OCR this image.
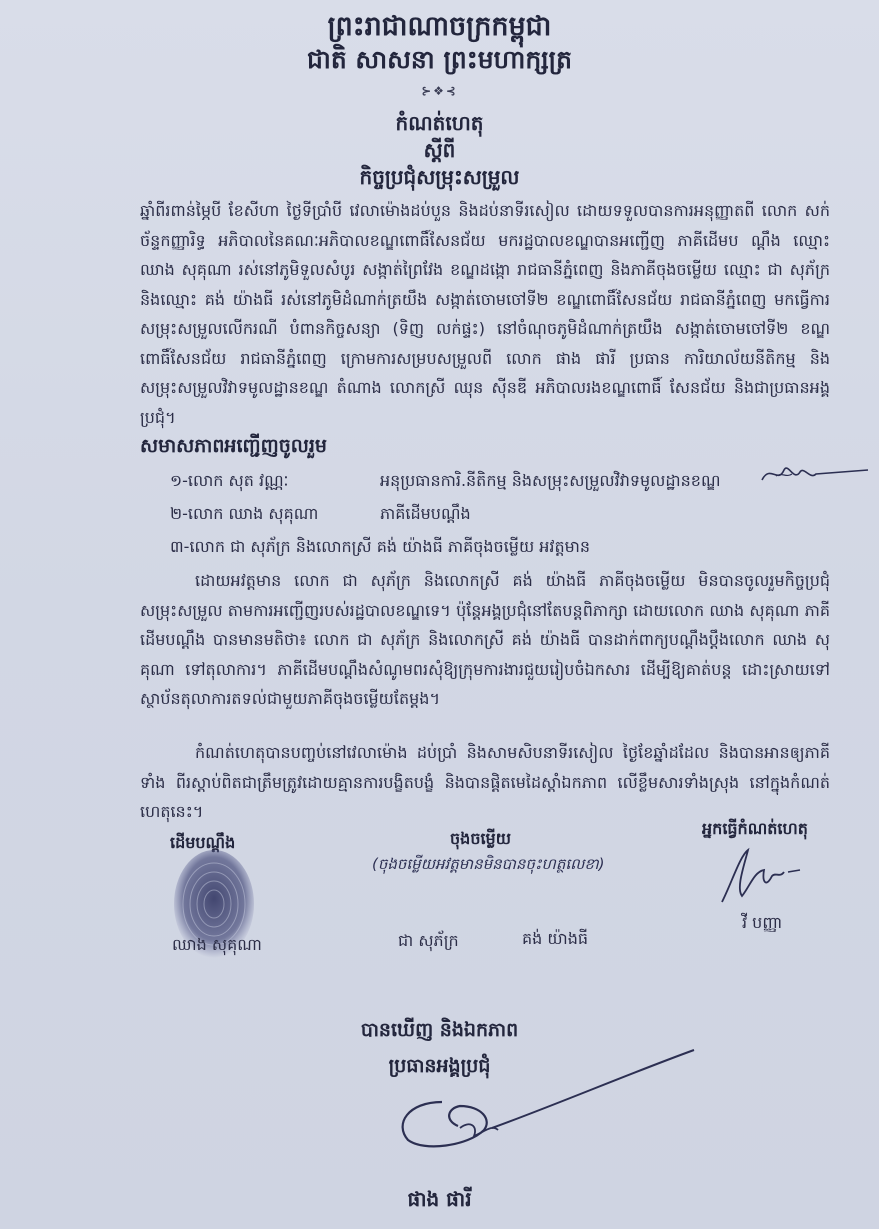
ព្រះរាជាណាចក្រកម្ពុជា
ជាតិ សាសនា ព្រះមហាក្សត្រ
⊱❖⊰
កំណត់ហេតុ
ស្ដីពី
កិច្ចប្រជុំសម្រុះសម្រួល
ឆ្នាំពីរពាន់ម្ភៃបី ខែសីហា ថ្ងៃទីប្រាំបី វេលាម៉ោងដប់បួន និងដប់នាទីរសៀល ដោយទទួលបានការអនុញ្ញាតពី លោក សក់ ច័ន្ទកញ្ញារិទ្ធ អភិបាលនៃគណៈអភិបាលខណ្ឌពោធិ៍សែនជ័យ មករដ្ឋបាលខណ្ឌបានអញ្ជើញ ភាគីដើមប ណ្ដឹង ឈ្មោះ ឈាង សុគុណា រស់នៅភូមិទួលសំបូរ សង្កាត់ព្រៃវែង ខណ្ឌដង្កោ រាជធានីភ្នំពេញ និងភាគីចុងចម្លើយ ឈ្មោះ ជា សុភ័ក្រ និងឈ្មោះ គង់ យ៉ាងធី រស់នៅភូមិដំណាក់ត្រយឹង សង្កាត់ចោមចៅទី២ ខណ្ឌពោធិ៍សែនជ័យ រាជធានីភ្នំពេញ មកធ្វើការសម្រុះសម្រួលលើករណី បំពានកិច្ចសន្យា (ទិញ លក់ផ្ទះ) នៅចំណុចភូមិដំណាក់ត្រយឹង សង្កាត់ចោមចៅទី២ ខណ្ឌពោធិ៍សែនជ័យ រាជធានីភ្នំពេញ ក្រោមការសម្របសម្រួលពី លោក ផាង ផារី ប្រធាន ការិយាល័យនីតិកម្ម និងសម្រុះសម្រួលវិវាទមូលដ្ឋានខណ្ឌ តំណាង លោកស្រី ឈុន ស៊ីនឌី អភិបាលរងខណ្ឌពោធិ៍ សែនជ័យ និងជាប្រធានអង្គប្រជុំ។
សមាសភាពអញ្ជើញចូលរួម
១-លោក សុត វណ្ណៈ	អនុប្រធានការិ.នីតិកម្ម និងសម្រុះសម្រួលវិវាទមូលដ្ឋានខណ្ឌ
២-លោក ឈាង សុគុណា	ភាគីដើមបណ្ដឹង
៣-លោក ជា សុភ័ក្រ និងលោកស្រី គង់ យ៉ាងធី ភាគីចុងចម្លើយ អវត្តមាន
ដោយអវត្តមាន លោក ជា សុភ័ក្រ និងលោកស្រី គង់ យ៉ាងធី ភាគីចុងចម្លើយ មិនបានចូលរួមកិច្ចប្រជុំ សម្រុះសម្រួល តាមការអញ្ជើញរបស់រដ្ឋបាលខណ្ឌទេ។ ប៉ុន្តែអង្គប្រជុំនៅតែបន្តពិភាក្សា ដោយលោក ឈាង សុគុណា ភាគីដើមបណ្ដឹង បានមានមតិថា៖ លោក ជា សុភ័ក្រ និងលោកស្រី គង់ យ៉ាងធី បានដាក់ពាក្យបណ្ដឹងប្ដឹងលោក ឈាង សុគុណា ទៅតុលាការ។ ភាគីដើមបណ្ដឹងសំណូមពរសុំឱ្យក្រុមការងារជួយរៀបចំឯកសារ ដើម្បីឱ្យគាត់បន្ត ដោះស្រាយទៅស្ថាប័នតុលាការតទល់ជាមួយភាគីចុងចម្លើយតែម្ដង។
កំណត់ហេតុបានបញ្ចប់នៅវេលាម៉ោង ដប់ប្រាំ និងសាមសិបនាទីរសៀល ថ្ងៃខែឆ្នាំដដែល និងបានអានឲ្យភាគីទាំង ពីរស្ដាប់ពិតជាត្រឹមត្រូវដោយគ្មានការបង្ខិតបង្ខំ និងបានផ្ដិតមេដៃស្ដាំឯកភាព លើខ្លឹមសារទាំងស្រុង នៅក្នុងកំណត់ ហេតុនេះ។
ដើមបណ្ដឹង
ឈាង សុគុណា
ចុងចម្លើយ
(ចុងចម្លើយអវត្តមានមិនបានចុះហត្ថលេខា)
ជា សុភ័ក្រ	គង់ យ៉ាងធី
អ្នកធ្វើកំណត់ហេតុ
វី បញ្ញា
បានឃើញ និងឯកភាព
ប្រធានអង្គប្រជុំ
ផាង ផារី
